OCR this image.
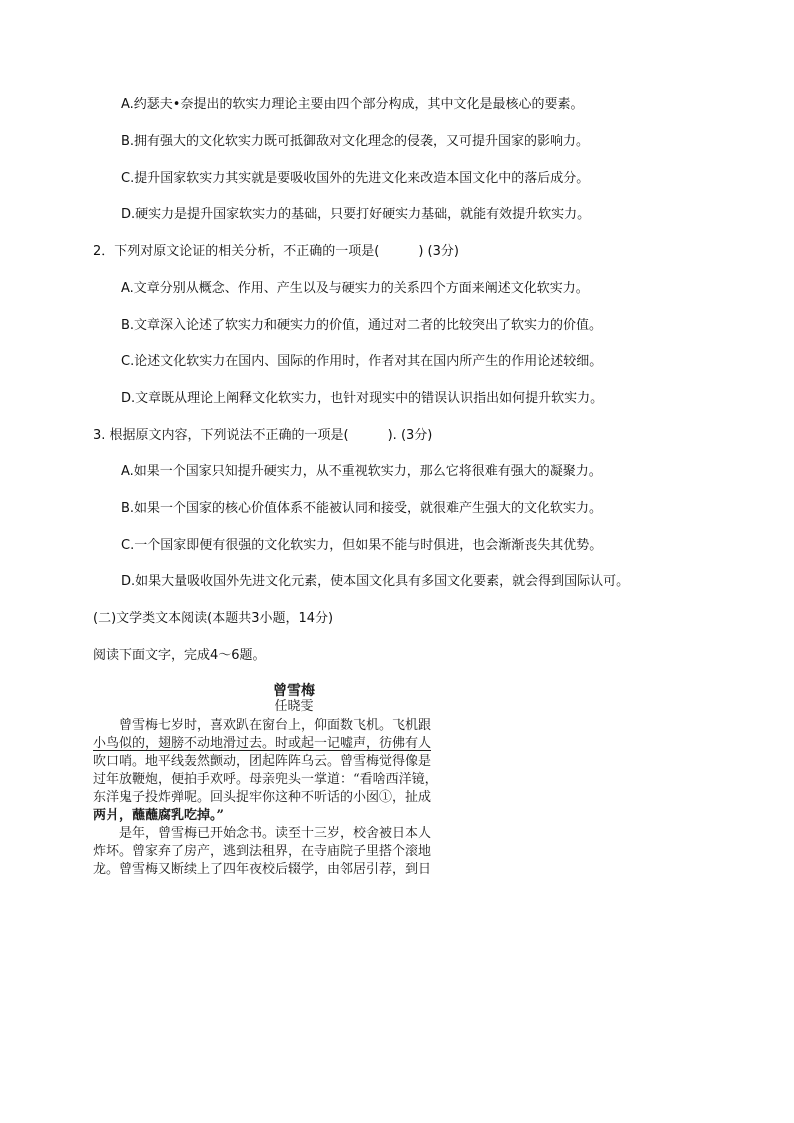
A.约瑟夫•奈提出的软实力理论主要由四个部分构成，其中文化是最核心的要素。
B.拥有强大的文化软实力既可抵御敌对文化理念的侵袭，又可提升国家的影响力。
C.提升国家软实力其实就是要吸收国外的先进文化来改造本国文化中的落后成分。
D.硬实力是提升国家软实力的基础，只要打好硬实力基础，就能有效提升软实力。
2．下列对原文论证的相关分析，不正确的一项是(　　　) (3分)
A.文章分别从概念、作用、产生以及与硬实力的关系四个方面来阐述文化软实力。
B.文章深入论述了软实力和硬实力的价值，通过对二者的比较突出了软实力的价值。
C.论述文化软实力在国内、国际的作用时，作者对其在国内所产生的作用论述较细。
D.文章既从理论上阐释文化软实力，也针对现实中的错误认识指出如何提升软实力。
3. 根据原文内容，下列说法不正确的一项是(　　　). (3分)
A.如果一个国家只知提升硬实力，从不重视软实力，那么它将很难有强大的凝聚力。
B.如果一个国家的核心价值体系不能被认同和接受，就很难产生强大的文化软实力。
C.一个国家即便有很强的文化软实力，但如果不能与时俱进，也会渐渐丧失其优势。
D.如果大量吸收国外先进文化元素，使本国文化具有多国文化要素，就会得到国际认可。
(二)文学类文本阅读(本题共3小题，14分)
阅读下面文字，完成4～6题。
曾雪梅
任晓雯
曾雪梅七岁时，喜欢趴在窗台上，仰面数飞机。飞机跟
小鸟似的，翅膀不动地滑过去。时或起一记嘘声，彷佛有人
吹口哨。地平线轰然颤动，团起阵阵乌云。曾雪梅觉得像是
过年放鞭炮，便拍手欢呼。母亲兜头一掌道：“看啥西洋镜，
东洋鬼子投炸弹呢。回头捉牢你这种不听话的小囡①，扯成
两爿，蘸蘸腐乳吃掉。”
是年，曾雪梅已开始念书。读至十三岁，校舍被日本人
炸坏。曾家弃了房产，逃到法租界，在寺庙院子里搭个滚地
龙。曾雪梅又断续上了四年夜校后辍学，由邻居引荐，到日
